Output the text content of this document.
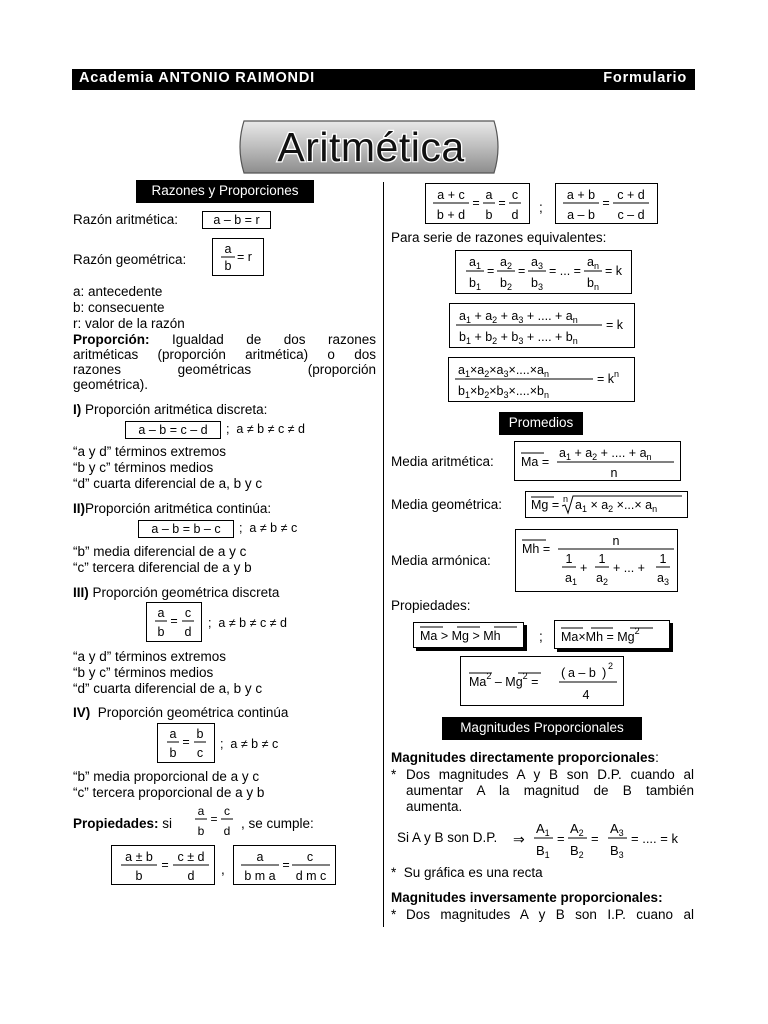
Academia ANTONIO RAIMONDI	Formulario
Aritmética
Razones y Proporciones
Razón aritmética:	a – b = r
Razón geométrica:
a
b
= r
a: antecedente
b: consecuente
r: valor de la razón
Proporción: Igualdad de dos razones
aritméticas (proporción aritmética) o dos
razones geométricas (proporción
geométrica).
I) Proporción aritmética discreta:
a – b = c – d	;  a ≠ b ≠ c ≠ d
“a y d” términos extremos
“b y c” términos medios
“d” cuarta diferencial de a, b y c
II)Proporción aritmética continúa:
a – b = b – c	;  a ≠ b ≠ c
“b” media diferencial de a y c
“c” tercera diferencial de a y b
III) Proporción geométrica discreta
a
b
=
c
d
;  a ≠ b ≠ c ≠ d
“a y d” términos extremos
“b y c” términos medios
“d” cuarta diferencial de a, b y c
IV) Proporción geométrica continúa
a
b
=
b
c
;  a ≠ b ≠ c
“b” media proporcional de a y c
“c” tercera proporcional de a y b
Propiedades: si
a
b
=
c
d , se cumple:
a ± b
b
=
c ± d
d ,
a
b m a
=
c
d m c
a + c
b + d
=
a
b
=
c
d ;
a + b
a – b
=
c + d
c – d
Para serie de razones equivalentes:
$a_1$
$b_1$
=
$a_2$
$b_2$
=
$a_3$
$b_3$
= ... =
$a_n$
$b_n$
= k
$a_1 + a_2 + a_3$ + .... + $a_n$
$b_1 + b_2 + b_3$ + .... + $b_n$
= k
$a_1\times a_2\times a_3\times....\times a_n$
$b_1\times b_2\times b_3\times....\times b_n$
= $k^n$
Promedios
Media aritmética: Ma =
$a_1 + a_2$ + .... + $a_n$
n
Media geométrica: Mg = n $a_1 \times a_2$ ×...× $a_n$
Media armónica:
Mh =
n
1
$a_1$
+
1
$a_2$
+ ... +
1
$a_3$
Propiedades:
Ma > Mg > Mh	; $Ma\times Mh = Mg^2$
$Ma^2 - Mg^2$ =
( a – b ) 2
4
Magnitudes Proporcionales
Magnitudes directamente proporcionales:
* Dos magnitudes A y B son D.P. cuando al
aumentar A la magnitud de B también
aumenta.
Si A y B son D.P. ⇒
$A_1$
$B_1$
=
$A_2$
$B_2$
=
$A_3$
$B_3$
= .... = k
* Su gráfica es una recta
Magnitudes inversamente proporcionales:
* Dos magnitudes A y B son I.P. cuano al
